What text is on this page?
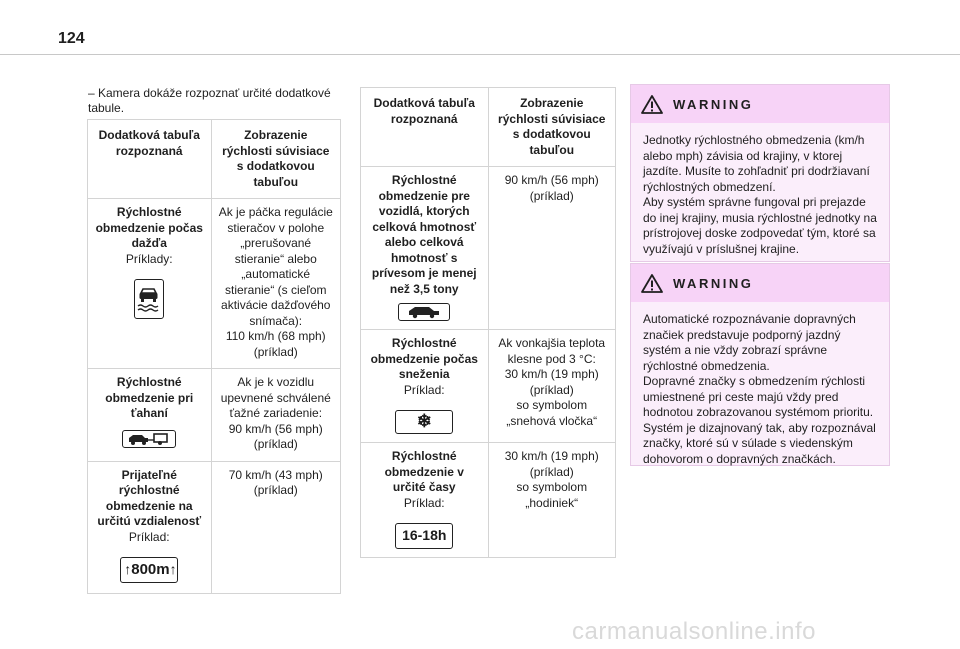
124

– Kamera dokáže rozpoznať určité dodatkové tabule.

Dodatková tabuľa rozpoznaná	Zobrazenie rýchlosti súvisiace s dodatkovou tabuľou

Rýchlostné obmedzenie počas dažďa
Príklady:	Ak je páčka regulácie stieračov v polohe „prerušované stieranie“ alebo „automatické stieranie“ (s cieľom aktivácie dažďového snímača):
110 km/h (68 mph)
(príklad)

Rýchlostné obmedzenie pri ťahaní	Ak je k vozidlu upevnené schválené ťažné zariadenie:
90 km/h (56 mph)
(príklad)

Prijateľné rýchlostné obmedzenie na určitú vzdialenosť
Príklad:
↑ 800m ↑	70 km/h (43 mph)
(príklad)
Dodatková tabuľa rozpoznaná	Zobrazenie rýchlosti súvisiace s dodatkovou tabuľou

Rýchlostné obmedzenie pre vozidlá, ktorých celková hmotnosť alebo celková hmotnosť s prívesom je menej než 3,5 tony	90 km/h (56 mph)
(príklad)

Rýchlostné obmedzenie počas sneženia
Príklad:
❄	Ak vonkajšia teplota klesne pod 3 °C:
30 km/h (19 mph)
(príklad)
so symbolom „snehová vločka“

Rýchlostné obmedzenie v určité časy
Príklad:
16-18h	30 km/h (19 mph)
(príklad)
so symbolom „hodiniek“
WARNING
Jednotky rýchlostného obmedzenia (km/h alebo mph) závisia od krajiny, v ktorej jazdíte. Musíte to zohľadniť pri dodržiavaní rýchlostných obmedzení.
Aby systém správne fungoval pri prejazde do inej krajiny, musia rýchlostné jednotky na prístrojovej doske zodpovedať tým, ktoré sa využívajú v príslušnej krajine.
WARNING
Automatické rozpoznávanie dopravných značiek predstavuje podporný jazdný systém a nie vždy zobrazí správne rýchlostné obmedzenia.
Dopravné značky s obmedzením rýchlosti umiestnené pri ceste majú vždy pred hodnotou zobrazovanou systémom prioritu. Systém je dizajnovaný tak, aby rozpoznával značky, ktoré sú v súlade s viedenským dohovorom o dopravných značkách.
carmanualsonline.info
